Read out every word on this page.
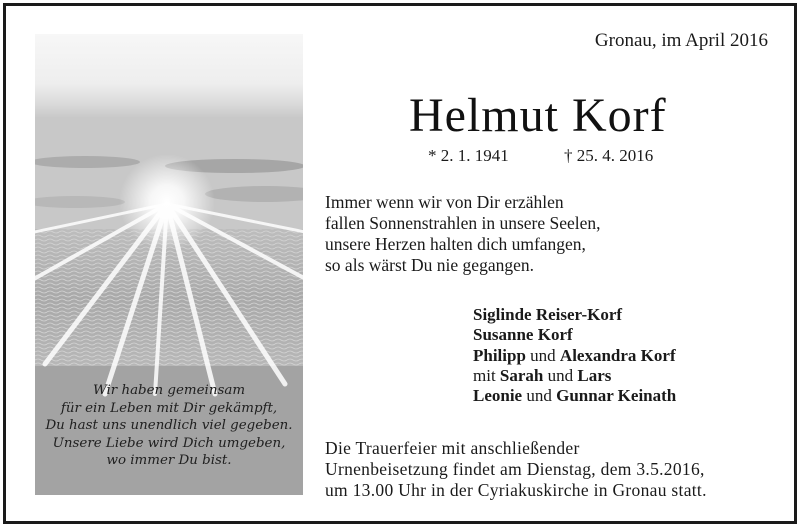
Wir haben gemeinsam
für ein Leben mit Dir gekämpft,
Du hast uns unendlich viel gegeben.
Unsere Liebe wird Dich umgeben,
wo immer Du bist.
Gronau, im April 2016
Helmut Korf
* 2. 1. 1941	† 25. 4. 2016
Immer wenn wir von Dir erzählen
fallen Sonnenstrahlen in unsere Seelen,
unsere Herzen halten dich umfangen,
so als wärst Du nie gegangen.
Siglinde Reiser-Korf
Susanne Korf
Philipp und Alexandra Korf
mit Sarah und Lars
Leonie und Gunnar Keinath
Die Trauerfeier mit anschließender
Urnenbeisetzung findet am Dienstag, dem 3.5.2016,
um 13.00 Uhr in der Cyriakuskirche in Gronau statt.
